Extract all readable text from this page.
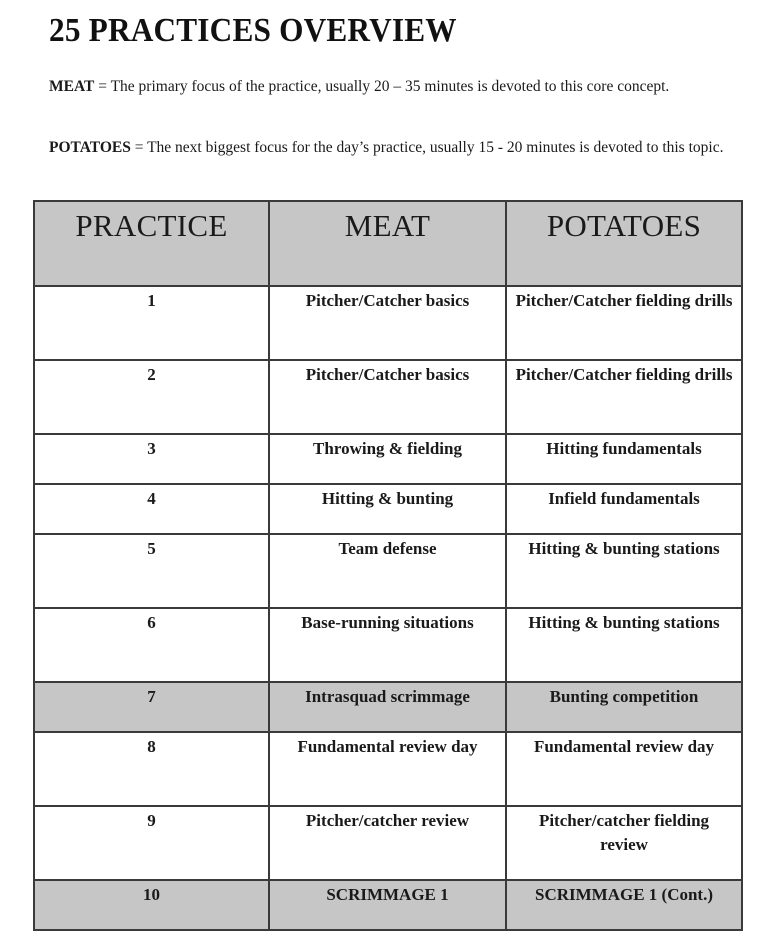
25 PRACTICES OVERVIEW

MEAT = The primary focus of the practice, usually 20 – 35 minutes is devoted to this core concept.

POTATOES = The next biggest focus for the day’s practice, usually 15 - 20 minutes is devoted to this topic.

PRACTICE	MEAT	POTATOES
1	Pitcher/Catcher basics	Pitcher/Catcher fielding drills
2	Pitcher/Catcher basics	Pitcher/Catcher fielding drills
3	Throwing & fielding	Hitting fundamentals
4	Hitting & bunting	Infield fundamentals
5	Team defense	Hitting & bunting stations
6	Base-running situations	Hitting & bunting stations
7	Intrasquad scrimmage	Bunting competition
8	Fundamental review day	Fundamental review day
9	Pitcher/catcher review	Pitcher/catcher fielding review
10	SCRIMMAGE 1	SCRIMMAGE 1 (Cont.)
